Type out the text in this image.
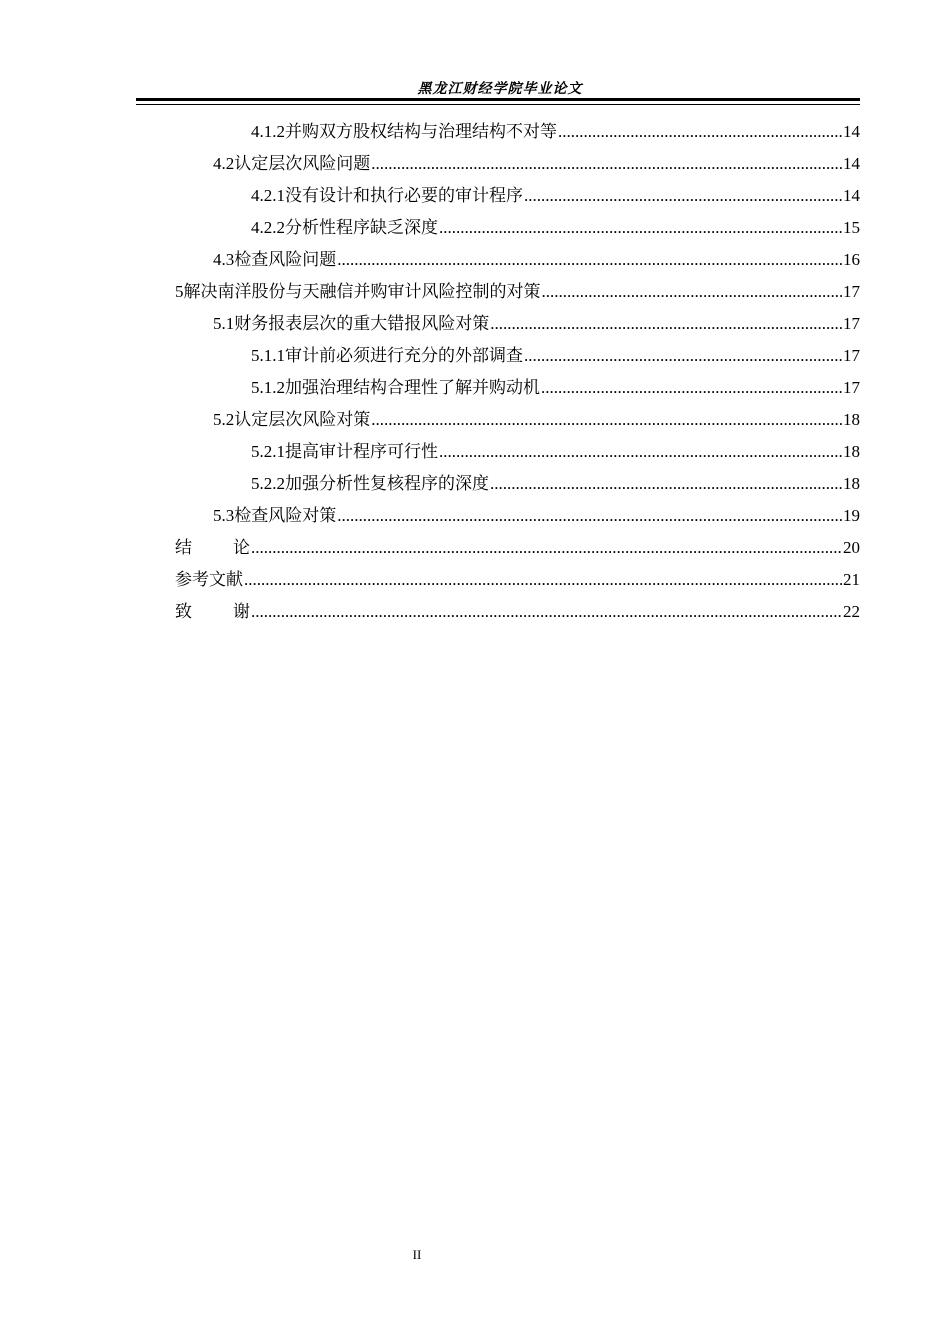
黑龙江财经学院毕业论文
4.1.2 并购双方股权结构与治理结构不对等 .....	14
4.2 认定层次风险问题 .....	14
4.2.1 没有设计和执行必要的审计程序 .....	14
4.2.2 分析性程序缺乏深度 .....	15
4.3 检查风险问题 .....	16
5 解决南洋股份与天融信并购审计风险控制的对策 .....	17
5.1 财务报表层次的重大错报风险对策 .....	17
5.1.1 审计前必须进行充分的外部调查 .....	17
5.1.2 加强治理结构合理性了解并购动机 .....	17
5.2 认定层次风险对策 .....	18
5.2.1 提高审计程序可行性 .....	18
5.2.2 加强分析性复核程序的深度 .....	18
5.3 检查风险对策 .....	19
结 论 .....	20
参考文献 .....	21
致 谢 .....	22
II
